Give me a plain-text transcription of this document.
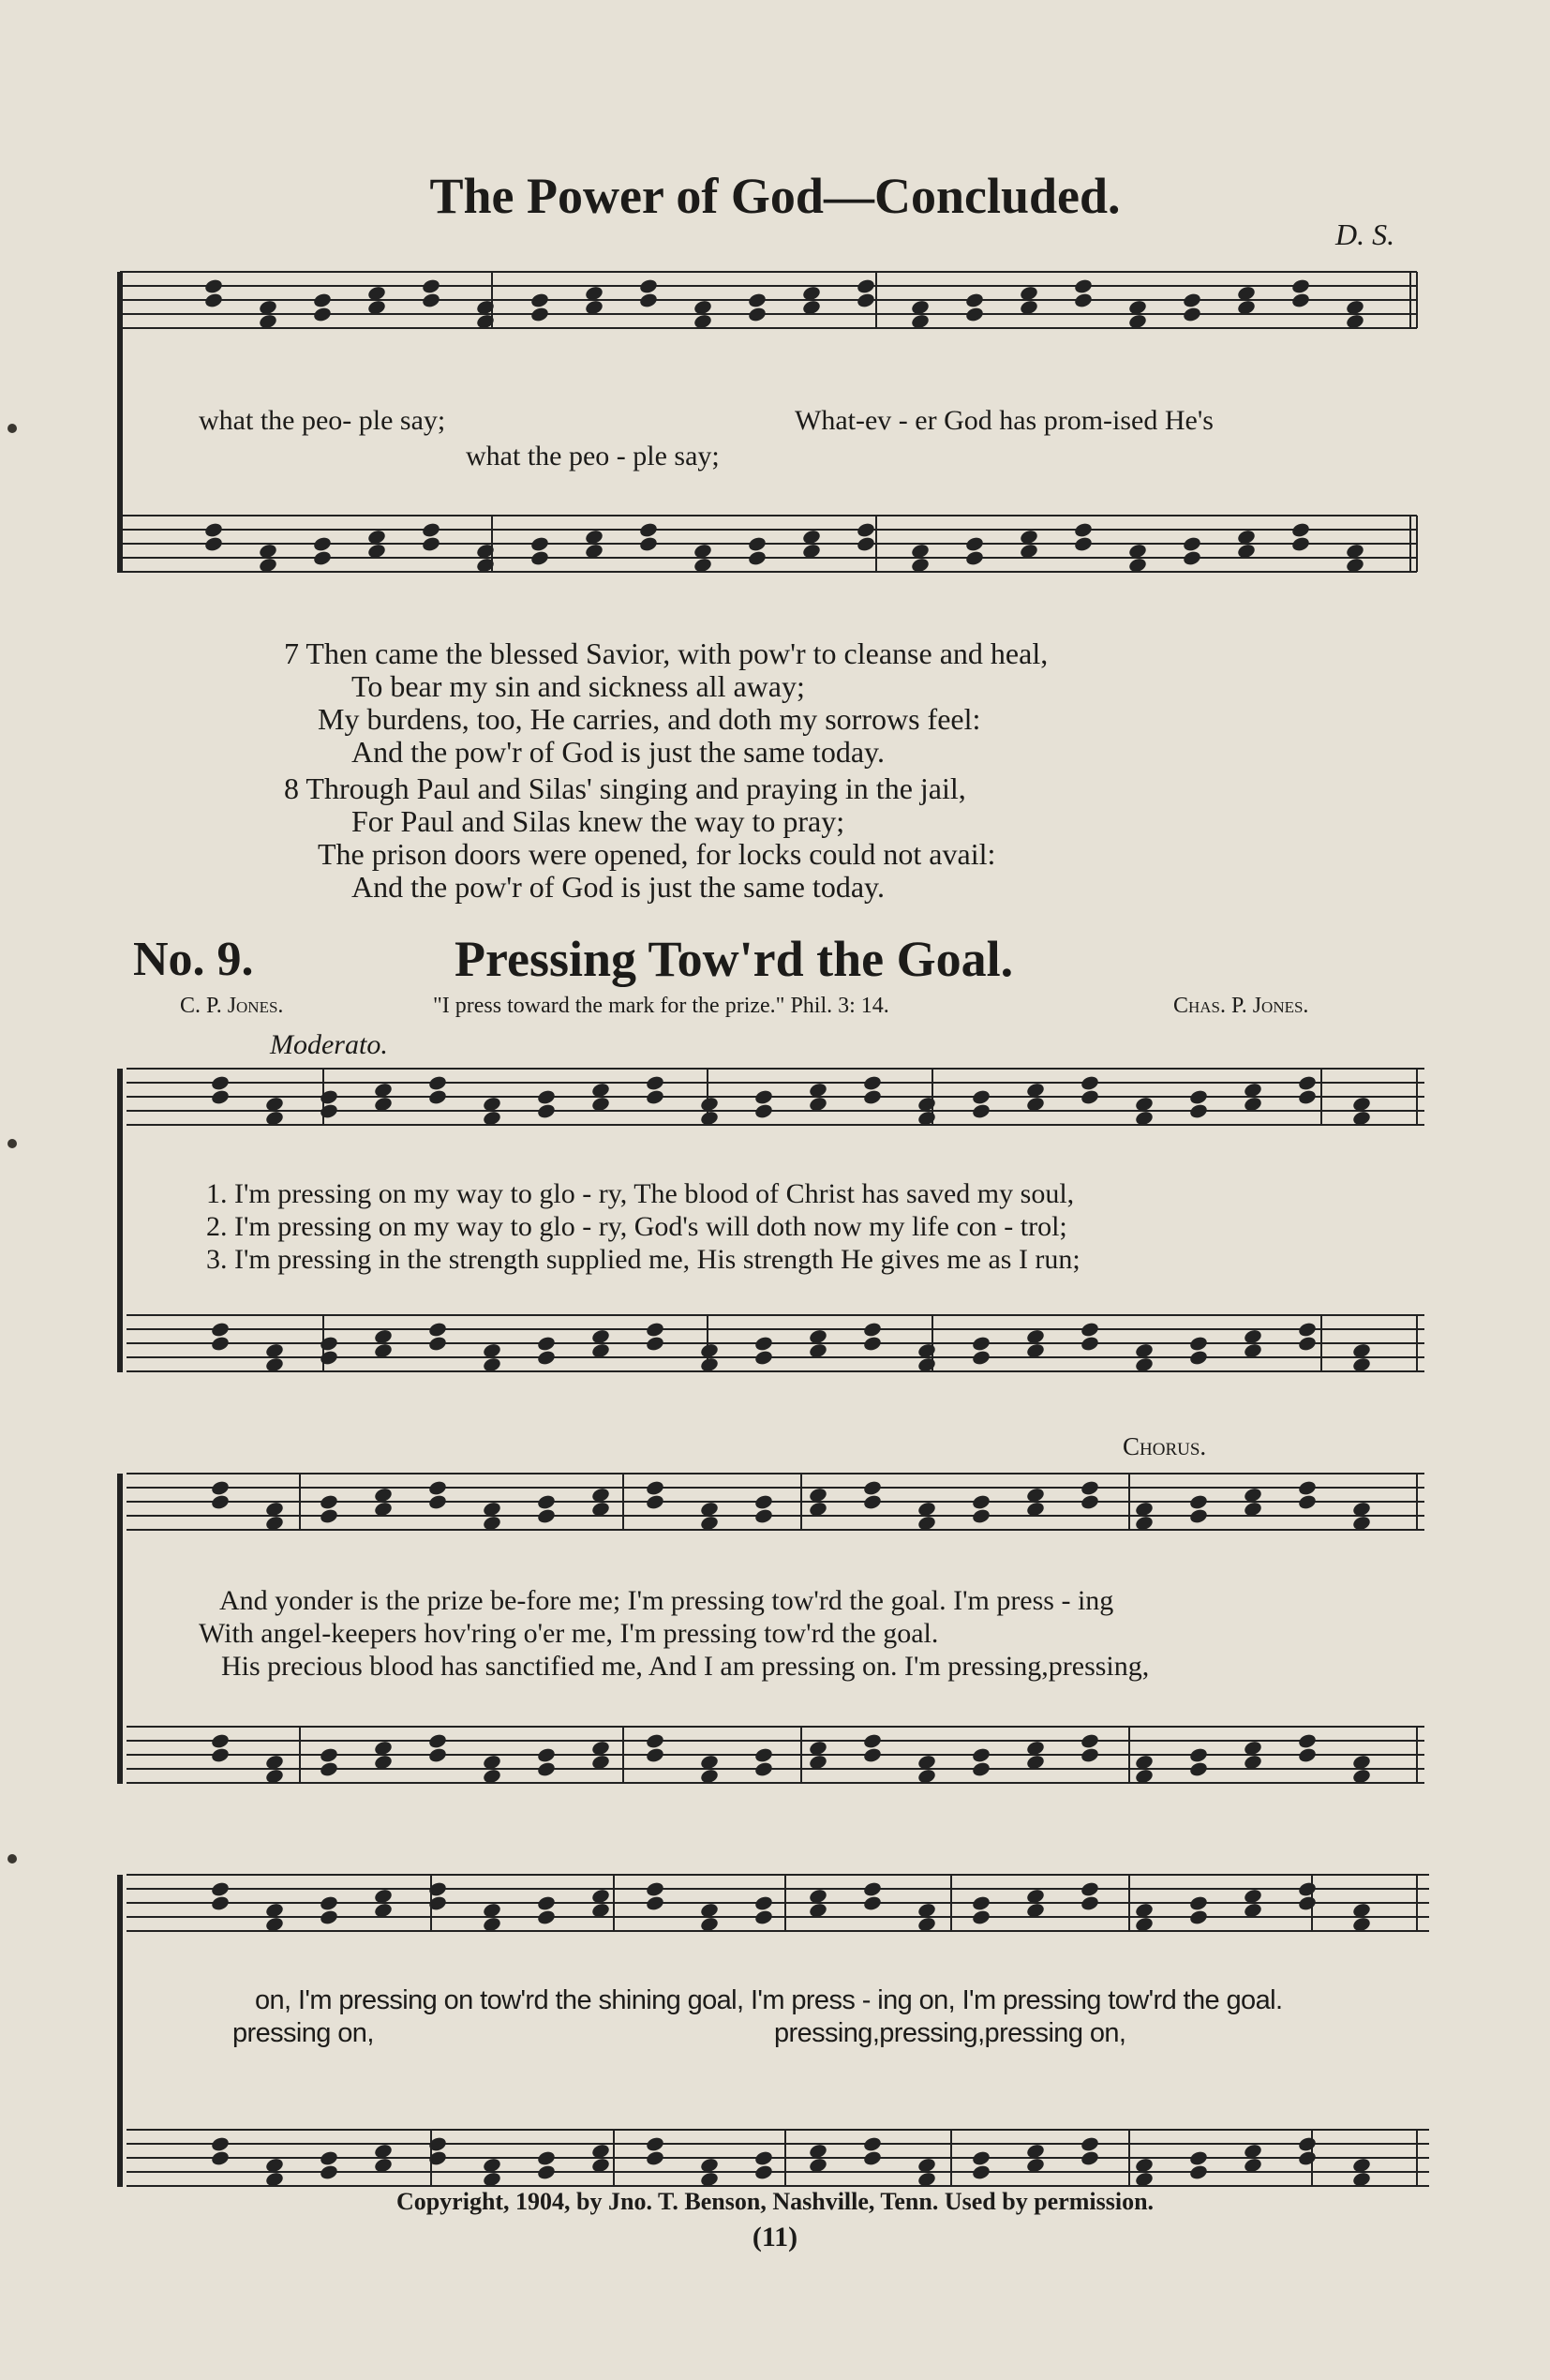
The Power of God—Concluded.
D. S.
what the peo- ple say;	What-ev - er God has prom-ised He's
what the peo - ple say;
7 Then came the blessed Savior, with pow'r to cleanse and heal,
To bear my sin and sickness all away;
My burdens, too, He carries, and doth my sorrows feel:
And the pow'r of God is just the same today.
8 Through Paul and Silas' singing and praying in the jail,
For Paul and Silas knew the way to pray;
The prison doors were opened, for locks could not avail:
And the pow'r of God is just the same today.
No. 9.	Pressing Tow'rd the Goal.
C. P. Jones.	"I press toward the mark for the prize." Phil. 3: 14.	Chas. P. Jones.
Moderato.
1. I'm pressing on my way to glo - ry, The blood of Christ has saved my soul,
2. I'm pressing on my way to glo - ry, God's will doth now my life con - trol;
3. I'm pressing in the strength supplied me, His strength He gives me as I run;
Chorus.
And yonder is the prize be-fore me; I'm pressing tow'rd the goal. I'm press - ing
With angel-keepers hov'ring o'er me, I'm pressing tow'rd the goal.
His precious blood has sanctified me, And I am pressing on. I'm pressing,pressing,
on, I'm pressing on tow'rd the shining goal, I'm press - ing on, I'm pressing tow'rd the goal.
pressing on,	pressing,pressing,pressing on,
Copyright, 1904, by Jno. T. Benson, Nashville, Tenn. Used by permission.
(11)
